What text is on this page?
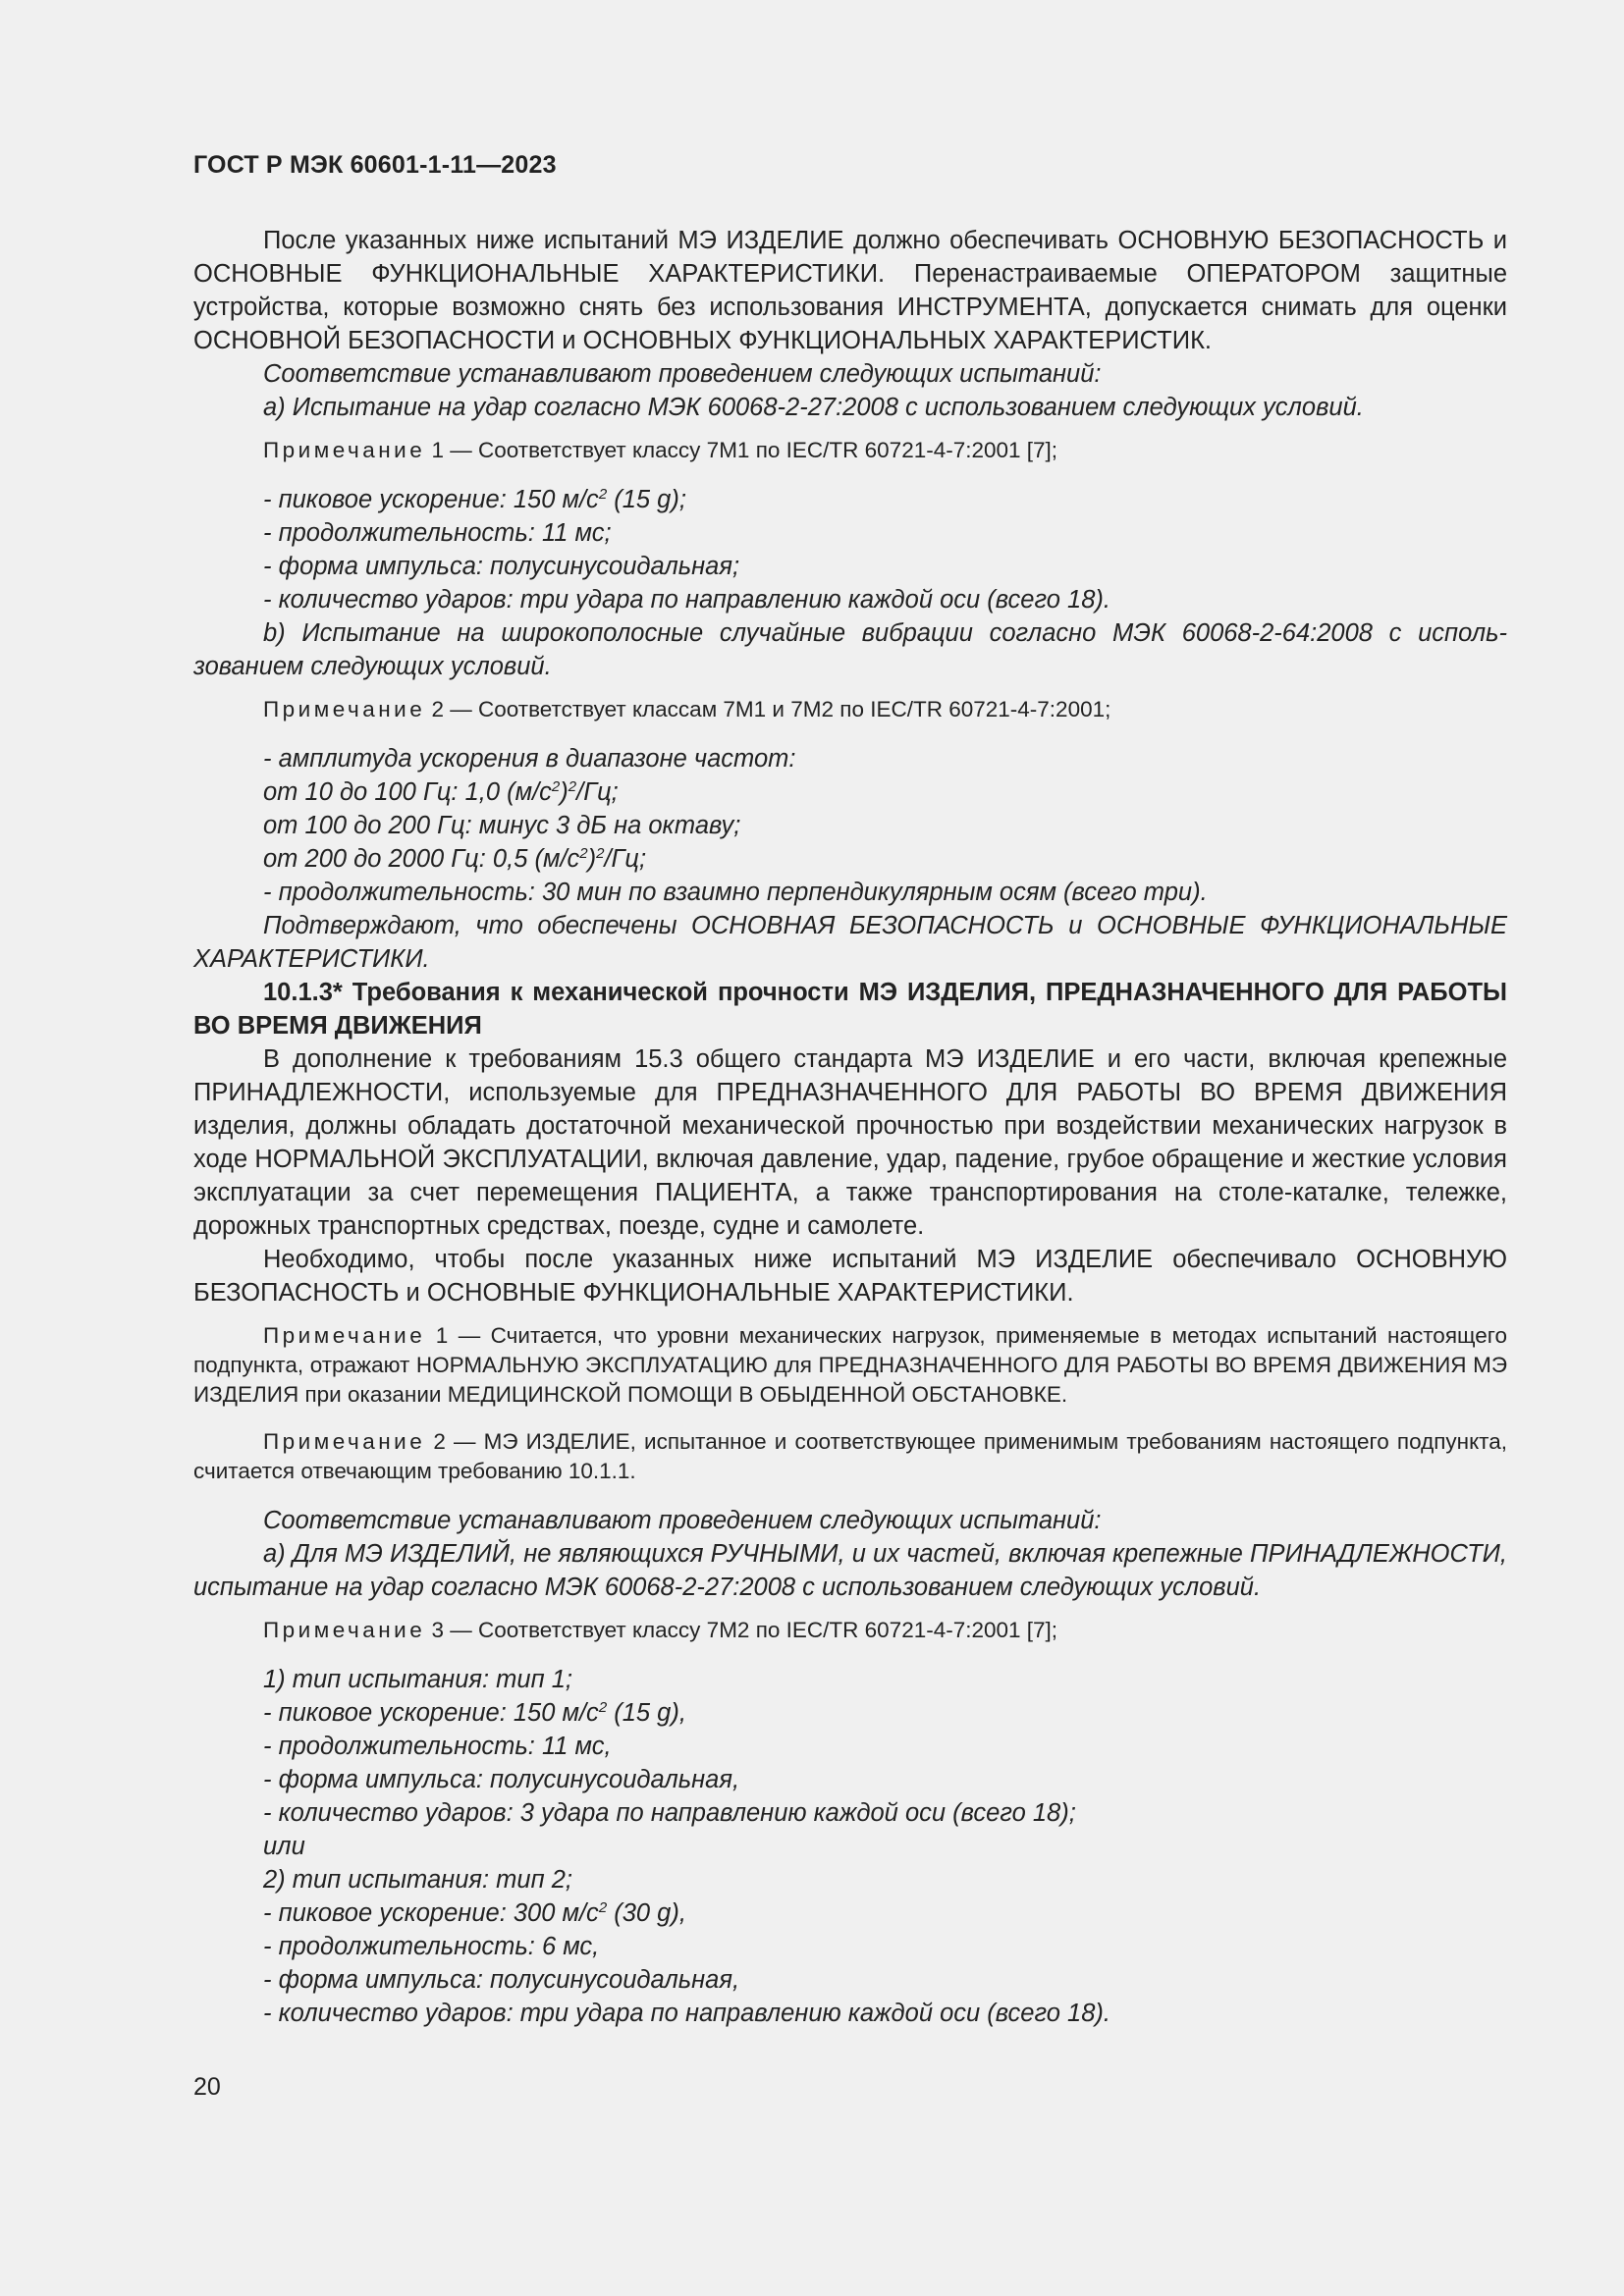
ГОСТ Р МЭК 60601-1-11—2023

После указанных ниже испытаний МЭ ИЗДЕЛИЕ должно обеспечивать ОСНОВНУЮ БЕЗОПАСНОСТЬ и ОСНОВНЫЕ ФУНКЦИОНАЛЬНЫЕ ХАРАКТЕРИСТИКИ. Перенастраиваемые ОПЕРАТОРОМ защитные устройства, которые возможно снять без использования ИНСТРУМЕНТА, допускается снимать для оценки ОСНОВНОЙ БЕЗОПАСНОСТИ и ОСНОВНЫХ ФУНКЦИОНАЛЬНЫХ ХАРАКТЕРИСТИК.

Соответствие устанавливают проведением следующих испытаний:

a) Испытание на удар согласно МЭК 60068-2-27:2008 с использованием следующих условий.

Примечание 1 — Соответствует классу 7M1 по IEC/TR 60721-4-7:2001 [7];

- пиковое ускорение: 150 $м/с^2$ (15 g);

- продолжительность: 11 мс;

- форма импульса: полусинусоидальная;

- количество ударов: три удара по направлению каждой оси (всего 18).

b) Испытание на широкополосные случайные вибрации согласно МЭК 60068-2-64:2008 с использованием следующих условий.

Примечание 2 — Соответствует классам 7M1 и 7M2 по IEC/TR 60721-4-7:2001;

- амплитуда ускорения в диапазоне частот:

от 10 до 100 Гц: 1,0 $(м/с^2)^2/Гц$;

от 100 до 200 Гц: минус 3 дБ на октаву;

от 200 до 2000 Гц: 0,5 $(м/с^2)^2/Гц$;

- продолжительность: 30 мин по взаимно перпендикулярным осям (всего три).

Подтверждают, что обеспечены ОСНОВНАЯ БЕЗОПАСНОСТЬ и ОСНОВНЫЕ ФУНКЦИОНАЛЬНЫЕ ХАРАКТЕРИСТИКИ.

10.1.3* Требования к механической прочности МЭ ИЗДЕЛИЯ, ПРЕДНАЗНАЧЕННОГО ДЛЯ РАБОТЫ ВО ВРЕМЯ ДВИЖЕНИЯ

В дополнение к требованиям 15.3 общего стандарта МЭ ИЗДЕЛИЕ и его части, включая крепежные ПРИНАДЛЕЖНОСТИ, используемые для ПРЕДНАЗНАЧЕННОГО ДЛЯ РАБОТЫ ВО ВРЕМЯ ДВИЖЕНИЯ изделия, должны обладать достаточной механической прочностью при воздействии механических нагрузок в ходе НОРМАЛЬНОЙ ЭКСПЛУАТАЦИИ, включая давление, удар, падение, грубое обращение и жесткие условия эксплуатации за счет перемещения ПАЦИЕНТА, а также транспортирования на столе-каталке, тележке, дорожных транспортных средствах, поезде, судне и самолете.

Необходимо, чтобы после указанных ниже испытаний МЭ ИЗДЕЛИЕ обеспечивало ОСНОВНУЮ БЕЗОПАСНОСТЬ и ОСНОВНЫЕ ФУНКЦИОНАЛЬНЫЕ ХАРАКТЕРИСТИКИ.

Примечание 1 — Считается, что уровни механических нагрузок, применяемые в методах испытаний настоящего подпункта, отражают НОРМАЛЬНУЮ ЭКСПЛУАТАЦИЮ для ПРЕДНАЗНАЧЕННОГО ДЛЯ РАБОТЫ ВО ВРЕМЯ ДВИЖЕНИЯ МЭ ИЗДЕЛИЯ при оказании МЕДИЦИНСКОЙ ПОМОЩИ В ОБЫДЕННОЙ ОБСТАНОВКЕ.

Примечание 2 — МЭ ИЗДЕЛИЕ, испытанное и соответствующее применимым требованиям настоящего подпункта, считается отвечающим требованию 10.1.1.

Соответствие устанавливают проведением следующих испытаний:

a) Для МЭ ИЗДЕЛИЙ, не являющихся РУЧНЫМИ, и их частей, включая крепежные ПРИНАДЛЕЖНОСТИ, испытание на удар согласно МЭК 60068-2-27:2008 с использованием следующих условий.

Примечание 3 — Соответствует классу 7M2 по IEC/TR 60721-4-7:2001 [7];

1) тип испытания: тип 1;

- пиковое ускорение: 150 $м/с^2$ (15 g),

- продолжительность: 11 мс,

- форма импульса: полусинусоидальная,

- количество ударов: 3 удара по направлению каждой оси (всего 18);

или

2) тип испытания: тип 2;

- пиковое ускорение: 300 $м/с^2$ (30 g),

- продолжительность: 6 мс,

- форма импульса: полусинусоидальная,

- количество ударов: три удара по направлению каждой оси (всего 18).

20
